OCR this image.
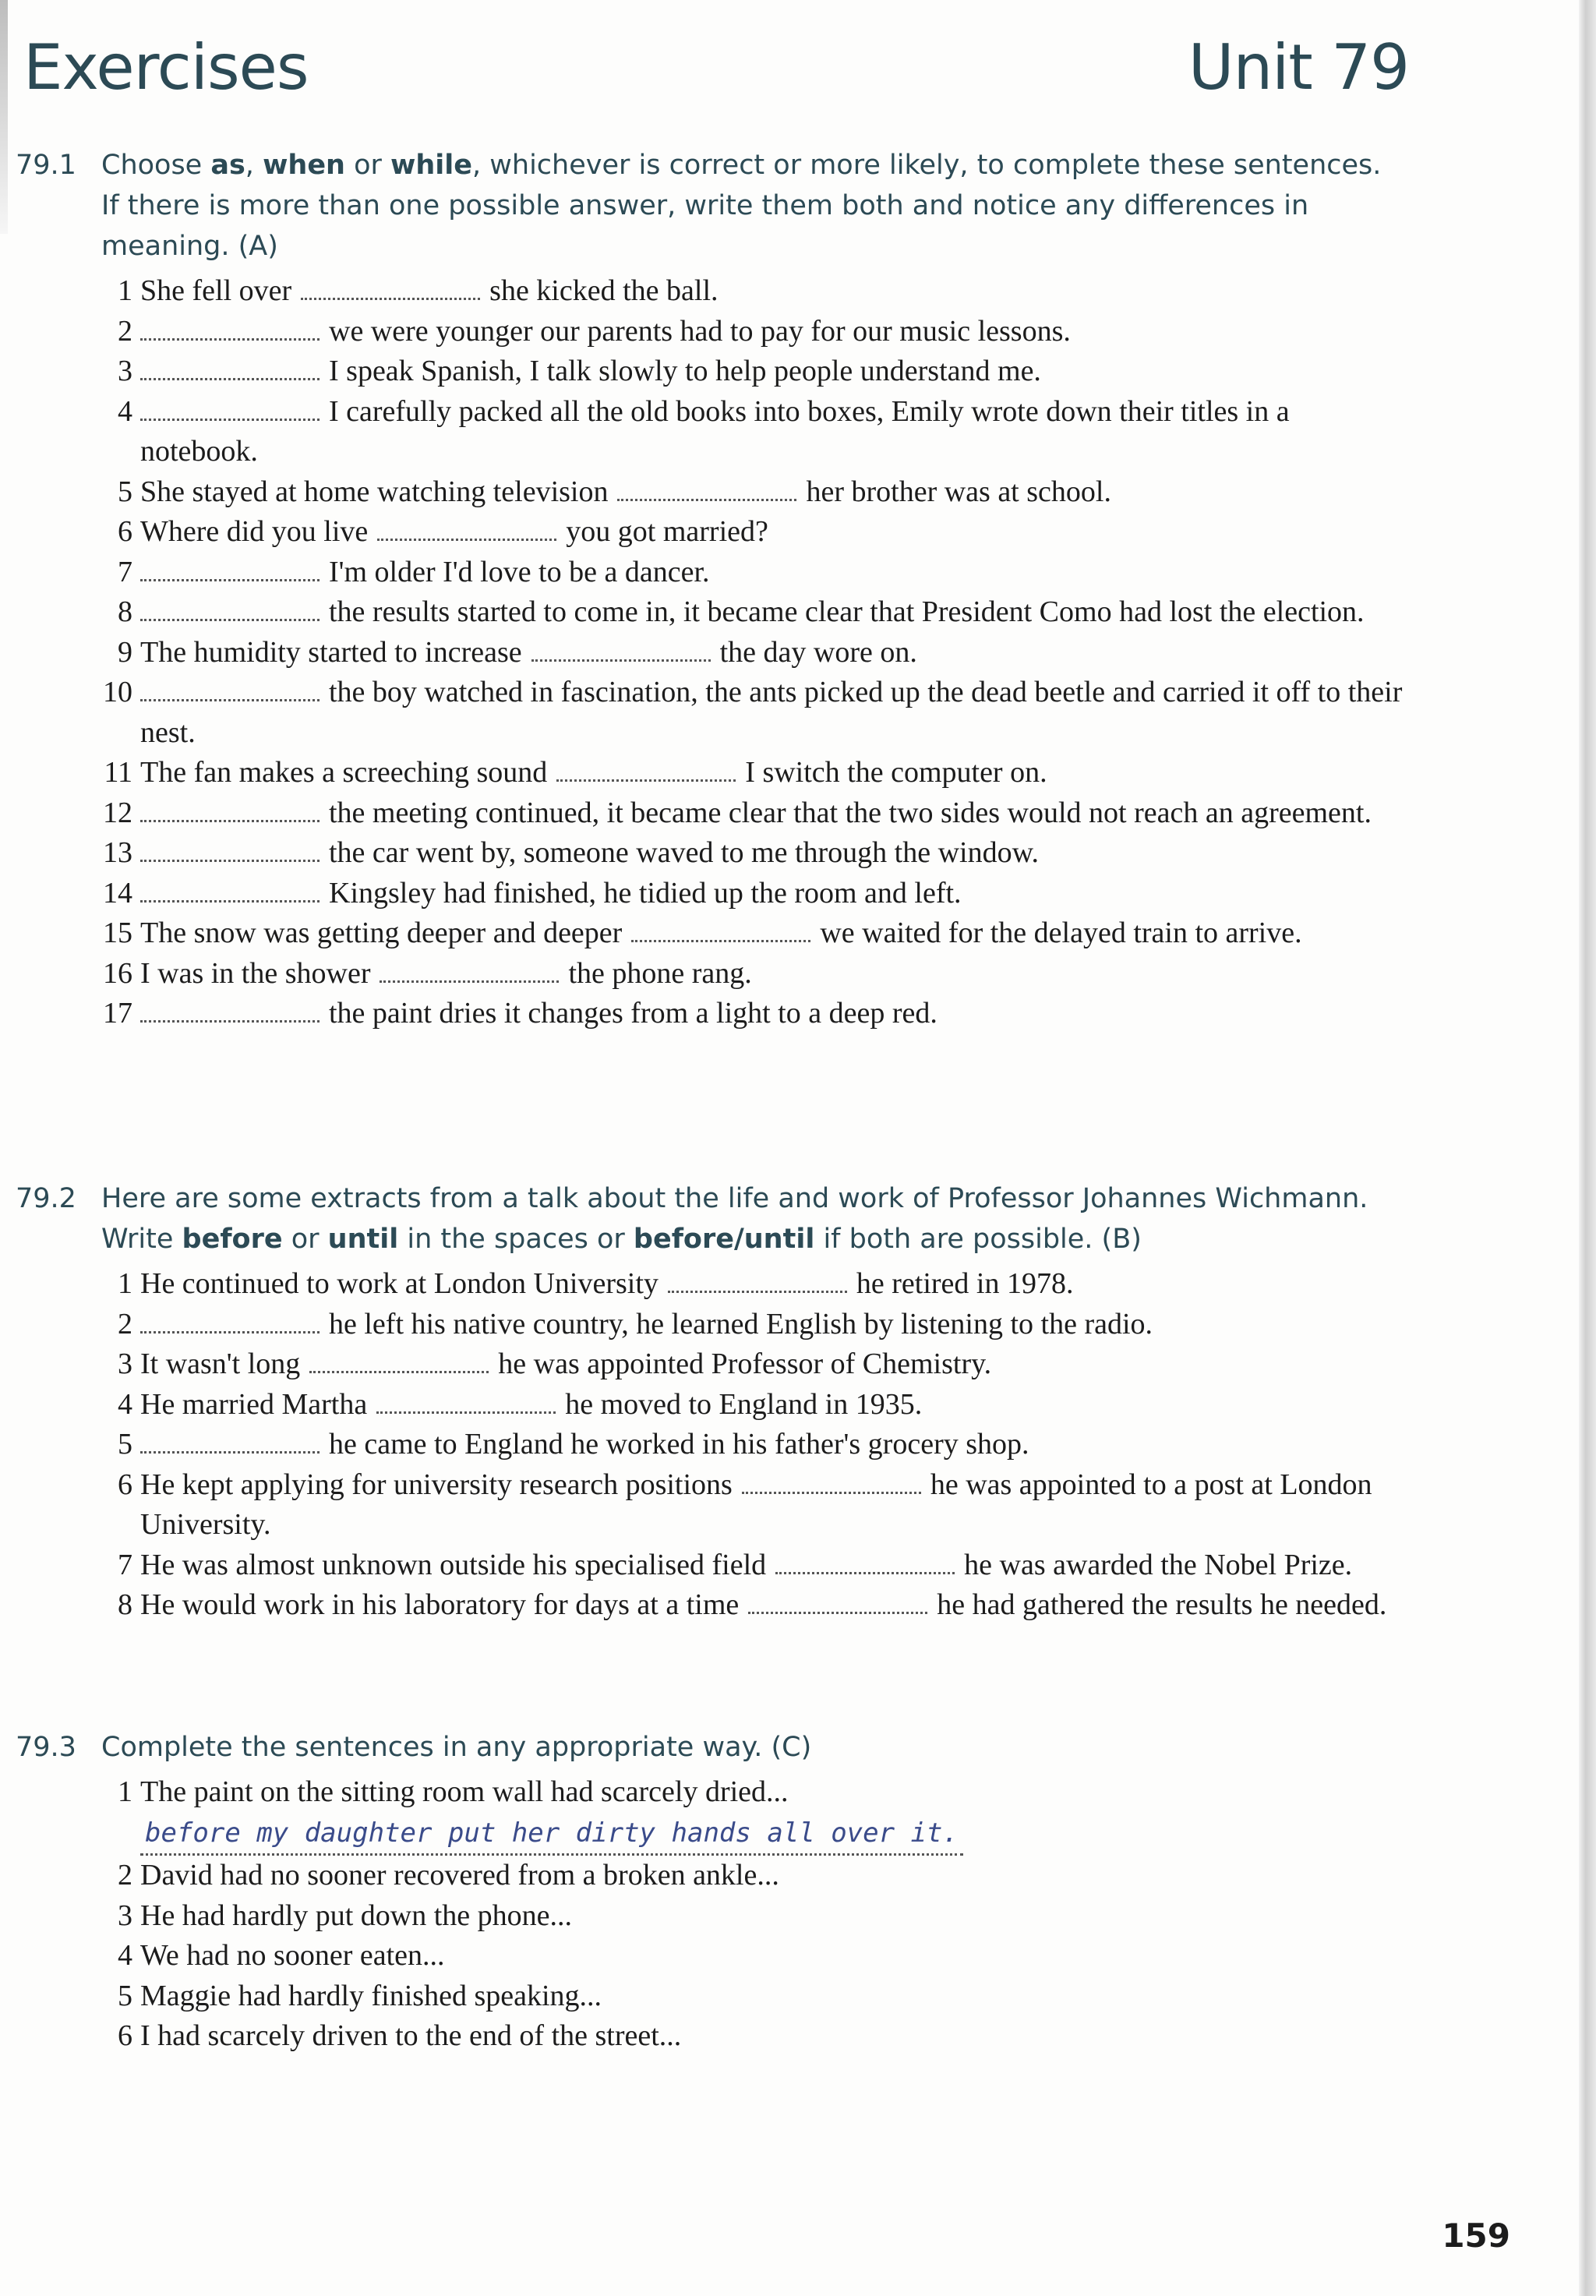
Exercises	Unit 79
79.1 Choose as, when or while, whichever is correct or more likely, to complete these sentences. If there is more than one possible answer, write them both and notice any differences in meaning. (A)
1 She fell over	she kicked the ball.
2	we were younger our parents had to pay for our music lessons.
3	I speak Spanish, I talk slowly to help people understand me.
4	I carefully packed all the old books into boxes, Emily wrote down their titles in a notebook.
5 She stayed at home watching television	her brother was at school.
6 Where did you live	you got married?
7	I'm older I'd love to be a dancer.
8	the results started to come in, it became clear that President Como had lost the election.
9 The humidity started to increase	the day wore on.
10	the boy watched in fascination, the ants picked up the dead beetle and carried it off to their nest.
11 The fan makes a screeching sound	I switch the computer on.
12	the meeting continued, it became clear that the two sides would not reach an agreement.
13	the car went by, someone waved to me through the window.
14	Kingsley had finished, he tidied up the room and left.
15 The snow was getting deeper and deeper	we waited for the delayed train to arrive.
16 I was in the shower	the phone rang.
17	the paint dries it changes from a light to a deep red.
79.2 Here are some extracts from a talk about the life and work of Professor Johannes Wichmann. Write before or until in the spaces or before/until if both are possible. (B)
1 He continued to work at London University	he retired in 1978.
2	he left his native country, he learned English by listening to the radio.
3 It wasn't long	he was appointed Professor of Chemistry.
4 He married Martha	he moved to England in 1935.
5	he came to England he worked in his father's grocery shop.
6 He kept applying for university research positions	he was appointed to a post at London University.
7 He was almost unknown outside his specialised field	he was awarded the Nobel Prize.
8 He would work in his laboratory for days at a time	he had gathered the results he needed.
79.3 Complete the sentences in any appropriate way. (C)
1 The paint on the sitting room wall had scarcely dried...
before my daughter put her dirty hands all over it.
2 David had no sooner recovered from a broken ankle...
3 He had hardly put down the phone...
4 We had no sooner eaten...
5 Maggie had hardly finished speaking...
6 I had scarcely driven to the end of the street...
159
